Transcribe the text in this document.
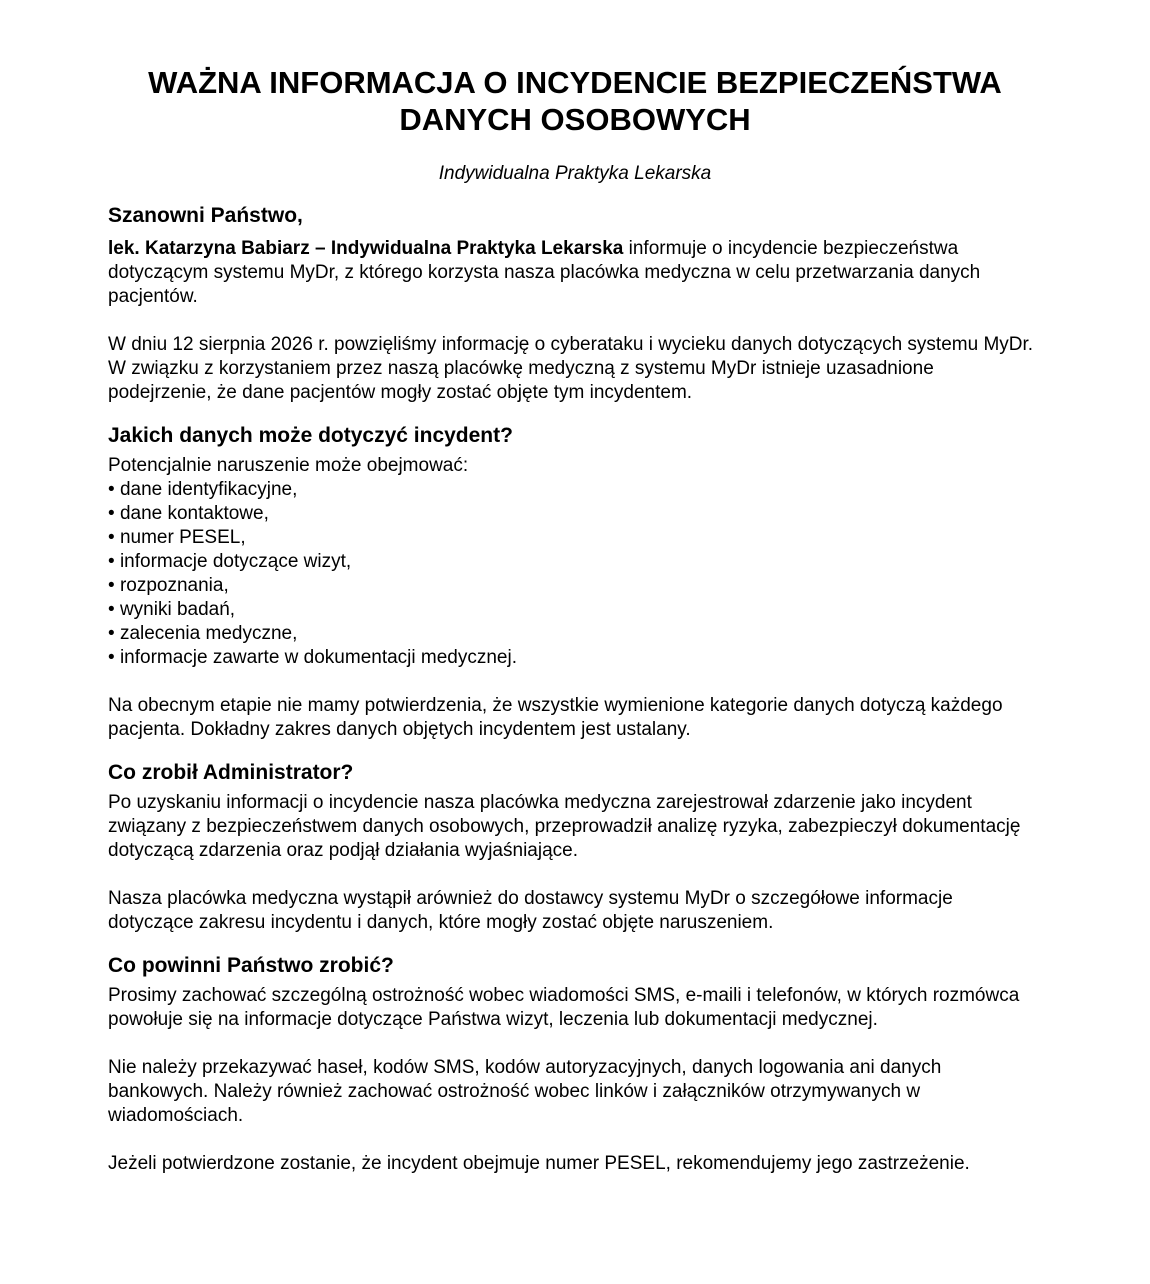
WAŻNA INFORMACJA O INCYDENCIE BEZPIECZEŃSTWA
DANYCH OSOBOWYCH
Indywidualna Praktyka Lekarska
Szanowni Państwo,

lek. Katarzyna Babiarz – Indywidualna Praktyka Lekarska informuje o incydencie bezpieczeństwa dotyczącym systemu MyDr, z którego korzysta nasza placówka medyczna w celu przetwarzania danych pacjentów.

W dniu 12 sierpnia 2026 r. powzięliśmy informację o cyberataku i wycieku danych dotyczących systemu MyDr. W związku z korzystaniem przez naszą placówkę medyczną z systemu MyDr istnieje uzasadnione podejrzenie, że dane pacjentów mogły zostać objęte tym incydentem.

Jakich danych może dotyczyć incydent?

Potencjalnie naruszenie może obejmować:

• dane identyfikacyjne,
• dane kontaktowe,
• numer PESEL,
• informacje dotyczące wizyt,
• rozpoznania,
• wyniki badań,
• zalecenia medyczne,
• informacje zawarte w dokumentacji medycznej.

Na obecnym etapie nie mamy potwierdzenia, że wszystkie wymienione kategorie danych dotyczą każdego pacjenta. Dokładny zakres danych objętych incydentem jest ustalany.

Co zrobił Administrator?

Po uzyskaniu informacji o incydencie nasza placówka medyczna zarejestrował zdarzenie jako incydent związany z bezpieczeństwem danych osobowych, przeprowadził analizę ryzyka, zabezpieczył dokumentację dotyczącą zdarzenia oraz podjął działania wyjaśniające.

Nasza placówka medyczna wystąpił arównież do dostawcy systemu MyDr o szczegółowe informacje dotyczące zakresu incydentu i danych, które mogły zostać objęte naruszeniem.

Co powinni Państwo zrobić?

Prosimy zachować szczególną ostrożność wobec wiadomości SMS, e-maili i telefonów, w których rozmówca powołuje się na informacje dotyczące Państwa wizyt, leczenia lub dokumentacji medycznej.

Nie należy przekazywać haseł, kodów SMS, kodów autoryzacyjnych, danych logowania ani danych bankowych. Należy również zachować ostrożność wobec linków i załączników otrzymywanych w wiadomościach.

Jeżeli potwierdzone zostanie, że incydent obejmuje numer PESEL, rekomendujemy jego zastrzeżenie.
